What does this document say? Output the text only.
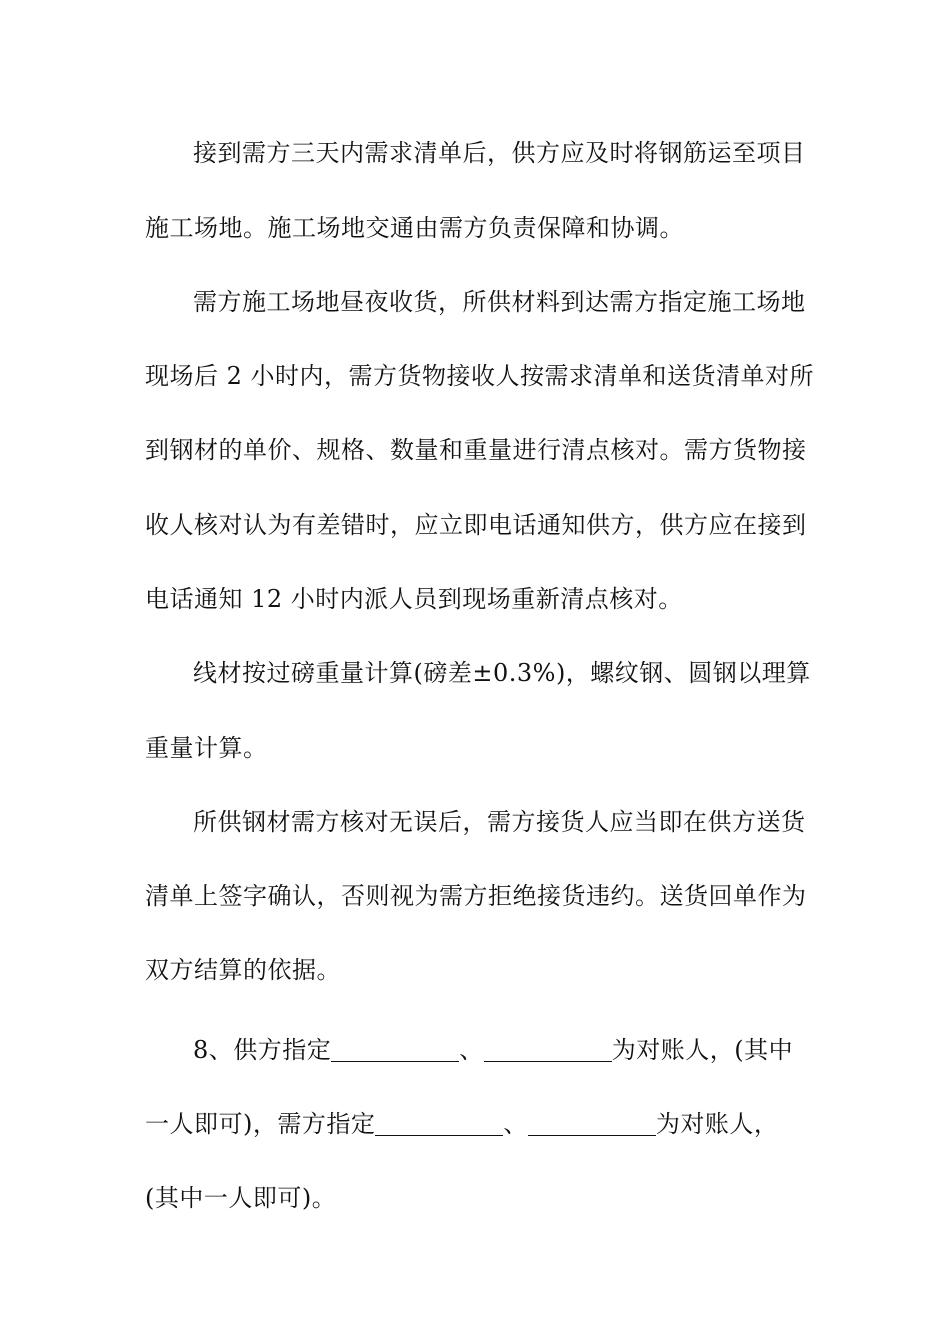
接到需方三天内需求清单后，供方应及时将钢筋运至项目
施工场地。施工场地交通由需方负责保障和协调。
需方施工场地昼夜收货，所供材料到达需方指定施工场地
现场后 2 小时内，需方货物接收人按需求清单和送货清单对所
到钢材的单价、规格、数量和重量进行清点核对。需方货物接
收人核对认为有差错时，应立即电话通知供方，供方应在接到
电话通知 12 小时内派人员到现场重新清点核对。
线材按过磅重量计算(磅差±0.3%)，螺纹钢、圆钢以理算
重量计算。
所供钢材需方核对无误后，需方接货人应当即在供方送货
清单上签字确认，否则视为需方拒绝接货违约。送货回单作为
双方结算的依据。
8、供方指定	、	为对账人，(其中
一人即可)，需方指定	、	为对账人，
(其中一人即可)。
